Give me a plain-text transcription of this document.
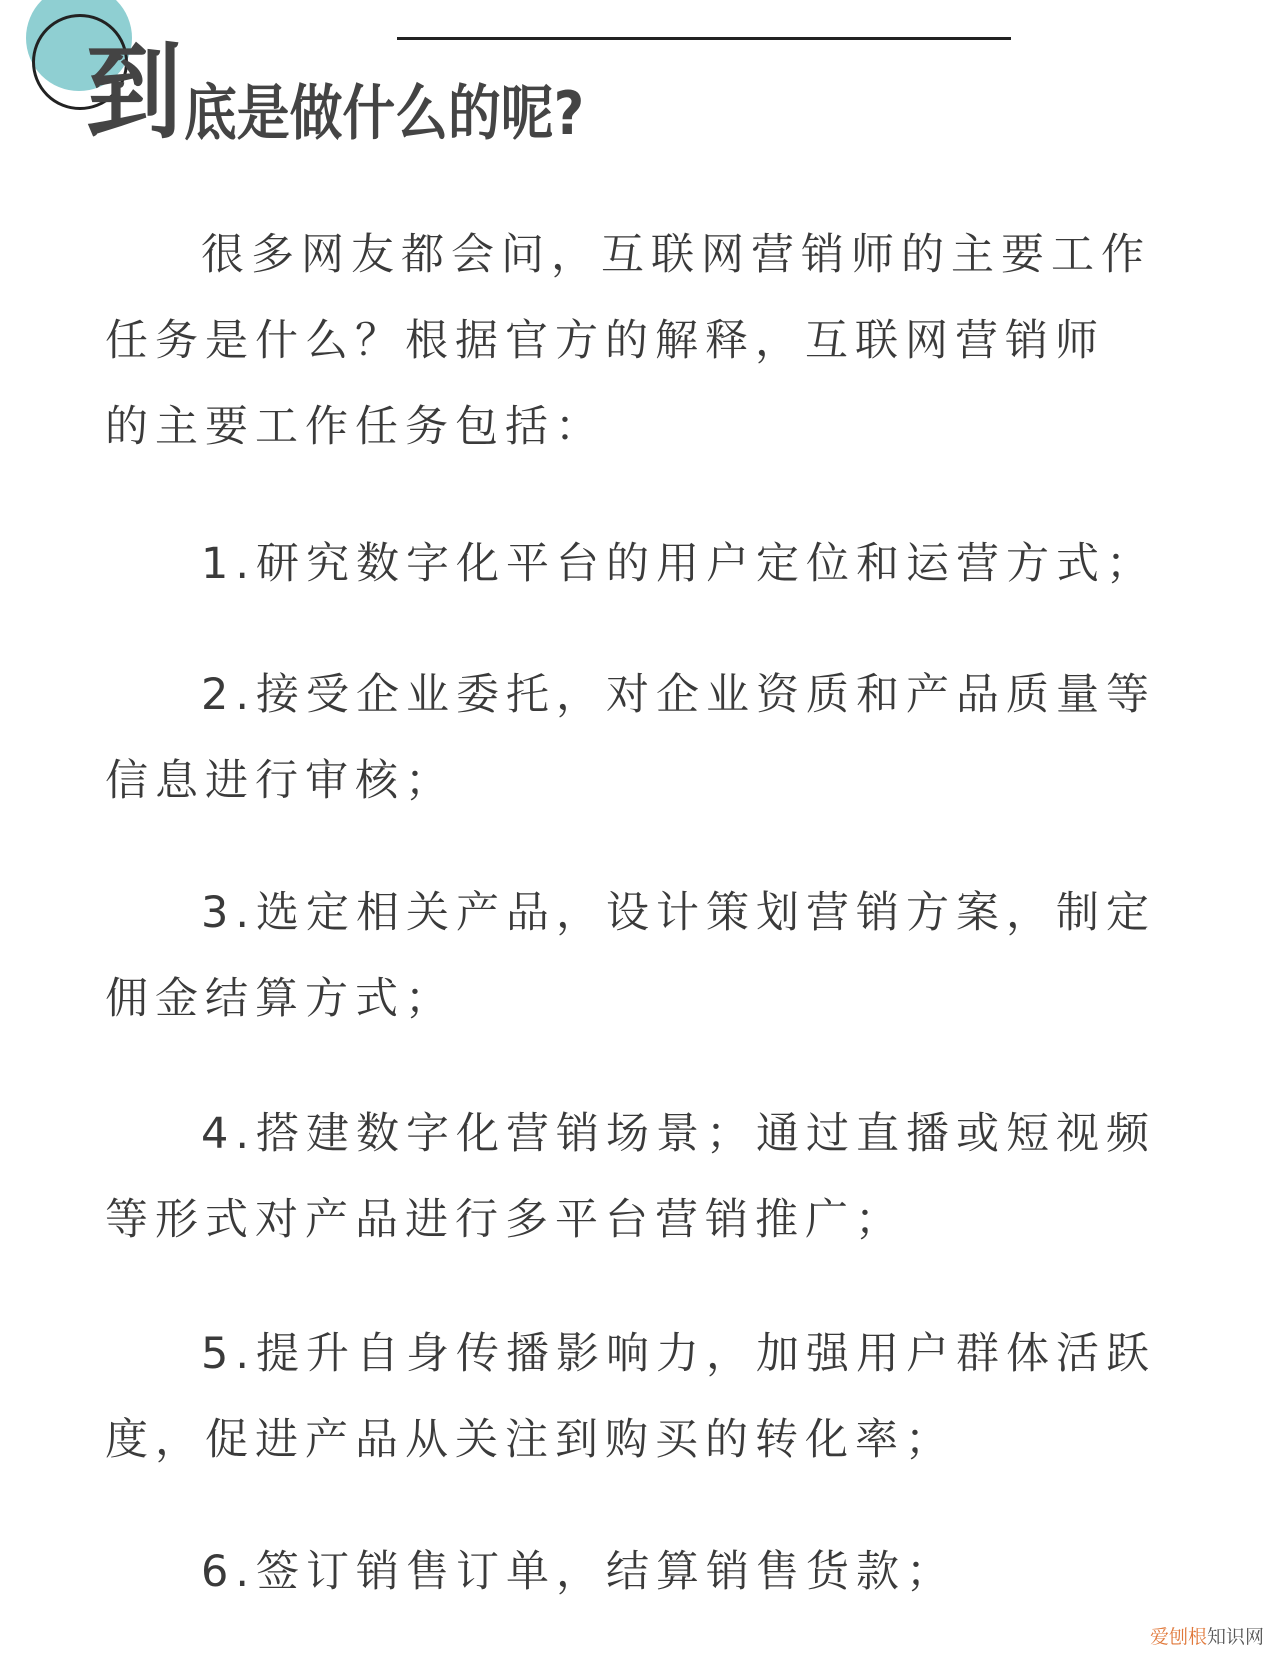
到底是做什么的呢?
很多网友都会问，互联网营销师的主要工作
任务是什么？根据官方的解释，互联网营销师
的主要工作任务包括：
1.研究数字化平台的用户定位和运营方式；
2.接受企业委托，对企业资质和产品质量等
信息进行审核；
3.选定相关产品，设计策划营销方案，制定
佣金结算方式；
4.搭建数字化营销场景；通过直播或短视频
等形式对产品进行多平台营销推广；
5.提升自身传播影响力，加强用户群体活跃
度，促进产品从关注到购买的转化率；
6.签订销售订单，结算销售货款；
爱刨根知识网
